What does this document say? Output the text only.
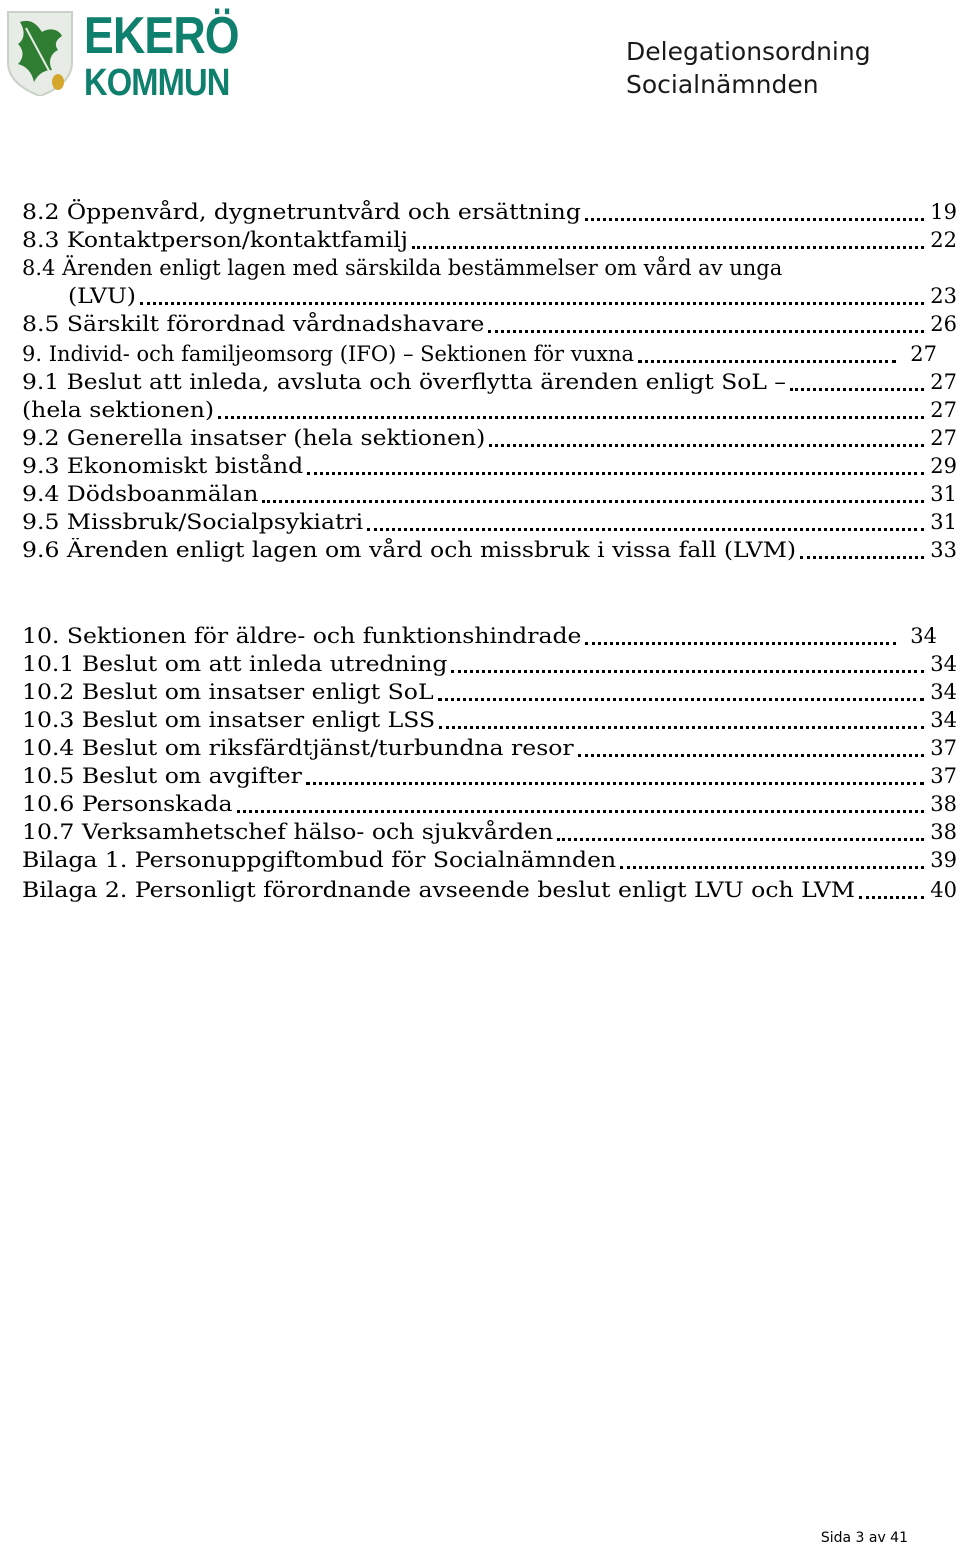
EKERÖ
KOMMUN
Delegationsordning
Socialnämnden
8.2 Öppenvård, dygnetruntvård och ersättning	19
8.3 Kontaktperson/kontaktfamilj	22
8.4 Ärenden enligt lagen med särskilda bestämmelser om vård av unga
(LVU)	23
8.5 Särskilt förordnad vårdnadshavare	26
9. Individ- och familjeomsorg (IFO) – Sektionen för vuxna	27
9.1 Beslut att inleda, avsluta och överflytta ärenden enligt SoL –	27
(hela sektionen)	27
9.2 Generella insatser (hela sektionen)	27
9.3 Ekonomiskt bistånd	29
9.4 Dödsboanmälan	31
9.5 Missbruk/Socialpsykiatri	31
9.6 Ärenden enligt lagen om vård och missbruk i vissa fall (LVM)	33
10. Sektionen för äldre- och funktionshindrade	34
10.1 Beslut om att inleda utredning	34
10.2 Beslut om insatser enligt SoL	34
10.3 Beslut om insatser enligt LSS	34
10.4 Beslut om riksfärdtjänst/turbundna resor	37
10.5 Beslut om avgifter	37
10.6 Personskada	38
10.7 Verksamhetschef hälso- och sjukvården	38
Bilaga 1. Personuppgiftombud för Socialnämnden	39
Bilaga 2. Personligt förordnande avseende beslut enligt LVU och LVM	40
Sida 3 av 41
